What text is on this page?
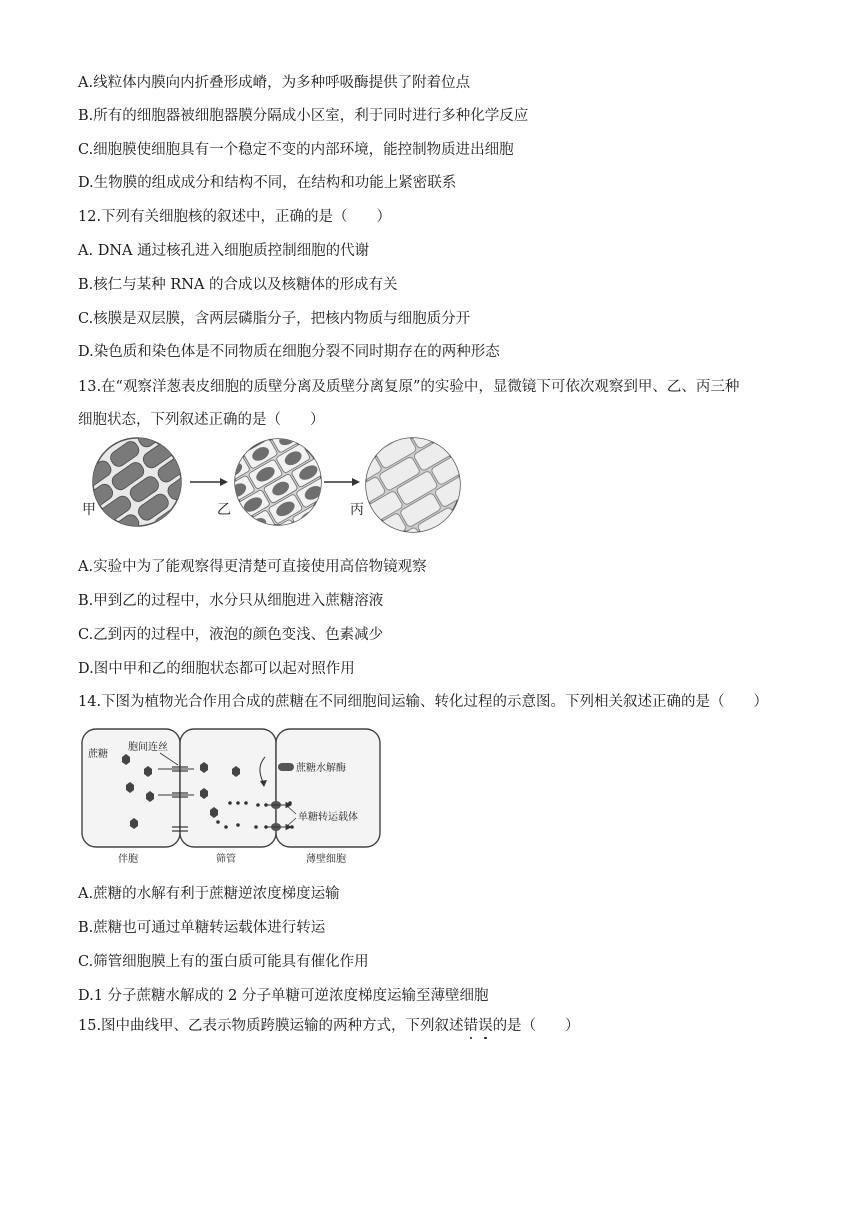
A.线粒体内膜向内折叠形成嵴，为多种呼吸酶提供了附着位点
B.所有的细胞器被细胞器膜分隔成小区室，利于同时进行多种化学反应
C.细胞膜使细胞具有一个稳定不变的内部环境，能控制物质进出细胞
D.生物膜的组成成分和结构不同，在结构和功能上紧密联系
12.下列有关细胞核的叙述中，正确的是（　　）
A. DNA 通过核孔进入细胞质控制细胞的代谢
B.核仁与某种 RNA 的合成以及核糖体的形成有关
C.核膜是双层膜，含两层磷脂分子，把核内物质与细胞质分开
D.染色质和染色体是不同物质在细胞分裂不同时期存在的两种形态
13.在“观察洋葱表皮细胞的质壁分离及质壁分离复原”的实验中，显微镜下可依次观察到甲、乙、丙三种
细胞状态，下列叙述正确的是（　　）
甲	乙	丙
A.实验中为了能观察得更清楚可直接使用高倍物镜观察
B.甲到乙的过程中，水分只从细胞进入蔗糖溶液
C.乙到丙的过程中，液泡的颜色变浅、色素减少
D.图中甲和乙的细胞状态都可以起对照作用
14.下图为植物光合作用合成的蔗糖在不同细胞间运输、转化过程的示意图。下列相关叙述正确的是（　　）
蔗糖
胞间连丝
蔗糖水解酶
单糖转运载体
伴胞	筛管	薄壁细胞
A.蔗糖的水解有利于蔗糖逆浓度梯度运输
B.蔗糖也可通过单糖转运载体进行转运
C.筛管细胞膜上有的蛋白质可能具有催化作用
D.1 分子蔗糖水解成的 2 分子单糖可逆浓度梯度运输至薄壁细胞
15.图中曲线甲、乙表示物质跨膜运输的两种方式，下列叙述错误的是（　　）
